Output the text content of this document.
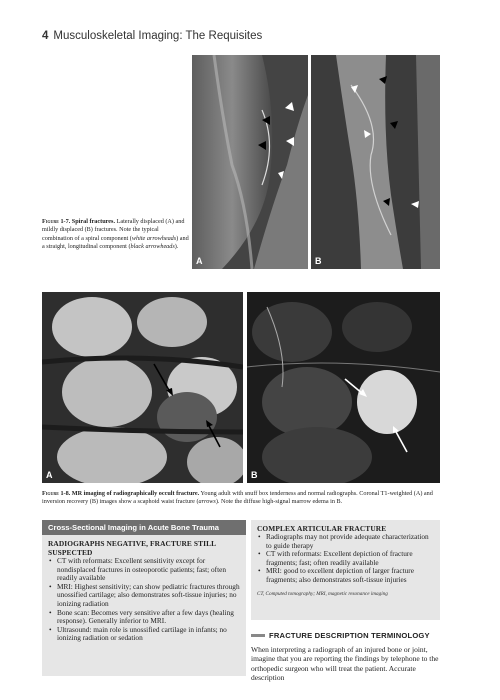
4 Musculoskeletal Imaging: The Requisites
A	B
Figure 1-7. Spiral fractures. Laterally displaced (A) and mildly displaced (B) fractures. Note the typical combination of a spiral component (white arrowheads) and a straight, longitudinal component (black arrowheads).
A	B
Figure 1-8. MR imaging of radiographically occult fracture. Young adult with snuff box tenderness and normal radiographs. Coronal T1-weighted (A) and inversion recovery (B) images show a scaphoid waist fracture (arrows). Note the diffuse high-signal marrow edema in B.
Cross-Sectional Imaging in Acute Bone Trauma
RADIOGRAPHS NEGATIVE, FRACTURE STILL SUSPECTED
• CT with reformats: Excellent sensitivity except for nondisplaced fractures in osteoporotic patients; fast; often readily available
• MRI: Highest sensitivity; can show pediatric fractures through unossified cartilage; also demonstrates soft-tissue injuries; no ionizing radiation
• Bone scan: Becomes very sensitive after a few days (healing response). Generally inferior to MRI.
• Ultrasound: main role is unossified cartilage in infants; no ionizing radiation or sedation
COMPLEX ARTICULAR FRACTURE
• Radiographs may not provide adequate characterization to guide therapy
• CT with reformats: Excellent depiction of fracture fragments; fast; often readily available
• MRI: good to excellent depiction of larger fracture fragments; also demonstrates soft-tissue injuries
CT, Computed tomography; MRI, magnetic resonance imaging
FRACTURE DESCRIPTION TERMINOLOGY
When interpreting a radiograph of an injured bone or joint, imagine that you are reporting the findings by telephone to the orthopedic surgeon who will treat the patient. Accurate description
